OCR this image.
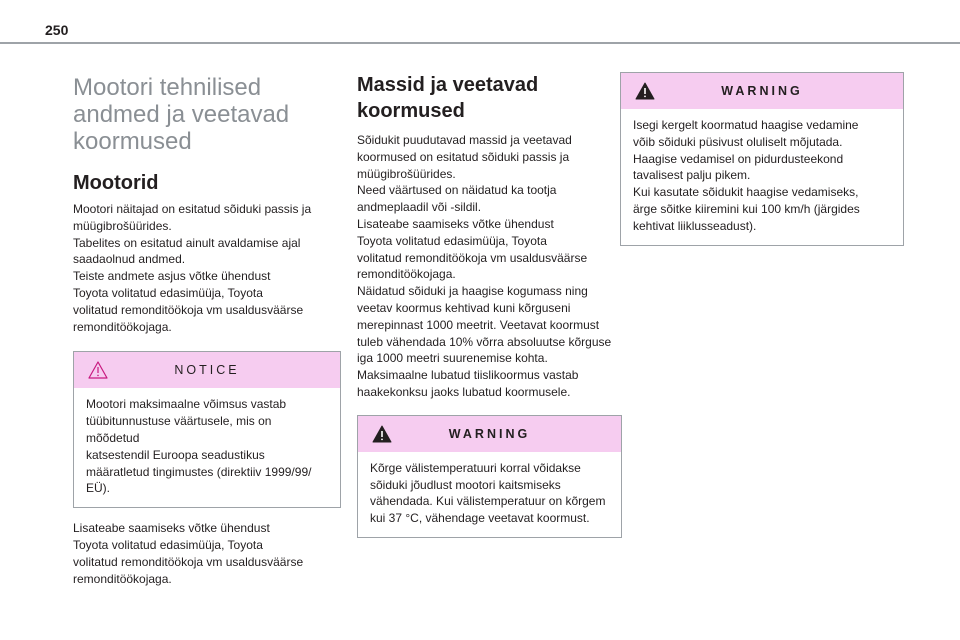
250
Mootori tehnilised
andmed ja veetavad
koormused
Mootorid
Mootori näitajad on esitatud sõiduki passis ja
müügibrošüürides.
Tabelites on esitatud ainult avaldamise ajal
saadaolnud andmed.
Teiste andmete asjus võtke ühendust
Toyota volitatud edasimüüja, Toyota
volitatud remonditöökoja vm usaldusväärse
remonditöökojaga.
NOTICE
Mootori maksimaalne võimsus vastab
tüübitunnustuse väärtusele, mis on mõõdetud
katsestendil Euroopa seadustikus
määratletud tingimustes (direktiiv 1999/99/
EÜ).
Lisateabe saamiseks võtke ühendust
Toyota volitatud edasimüüja, Toyota
volitatud remonditöökoja vm usaldusväärse
remonditöökojaga.
Massid ja veetavad
koormused
Sõidukit puudutavad massid ja veetavad
koormused on esitatud sõiduki passis ja
müügibrošüürides.
Need väärtused on näidatud ka tootja
andmeplaadil või -sildil.
Lisateabe saamiseks võtke ühendust
Toyota volitatud edasimüüja, Toyota
volitatud remonditöökoja vm usaldusväärse
remonditöökojaga.
Näidatud sõiduki ja haagise kogumass ning
veetav koormus kehtivad kuni kõrguseni
merepinnast 1000 meetrit. Veetavat koormust
tuleb vähendada 10% võrra absoluutse kõrguse
iga 1000 meetri suurenemise kohta.
Maksimaalne lubatud tiislikoormus vastab
haakekonksu jaoks lubatud koormusele.
WARNING
Kõrge välistemperatuuri korral võidakse
sõiduki jõudlust mootori kaitsmiseks
vähendada. Kui välistemperatuur on kõrgem
kui 37 °C, vähendage veetavat koormust.
WARNING
Isegi kergelt koormatud haagise vedamine
võib sõiduki püsivust oluliselt mõjutada.
Haagise vedamisel on pidurdusteekond
tavalisest palju pikem.
Kui kasutate sõidukit haagise vedamiseks,
ärge sõitke kiiremini kui 100 km/h (järgides
kehtivat liiklusseadust).
